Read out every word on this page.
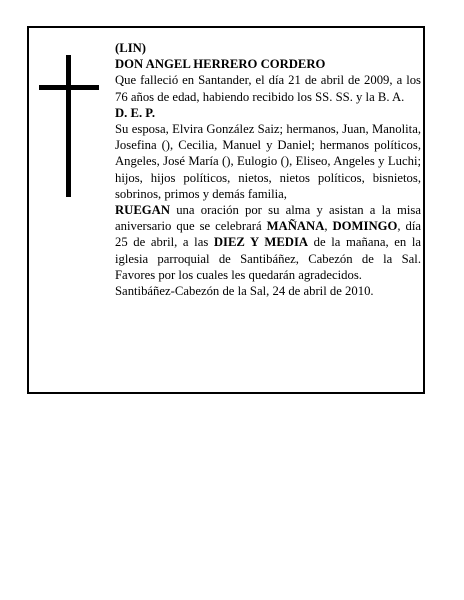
(LIN)

DON ANGEL HERRERO CORDERO

Que falleció en Santander, el día 21 de abril de 2009, a los 76 años de edad, habiendo recibido los SS. SS. y la B. A.

D. E. P.

Su esposa, Elvira González Saiz; hermanos, Juan, Manolita, Josefina (), Cecilia, Manuel y Daniel; hermanos políticos, Angeles, José María (), Eulogio (), Eliseo, Angeles y Luchi; hijos, hijos políticos, nietos, nietos políticos, bisnietos, sobrinos, primos y demás familia,

RUEGAN una oración por su alma y asistan a la misa aniversario que se celebrará MAÑANA, DOMINGO, día 25 de abril, a las DIEZ Y MEDIA de la mañana, en la iglesia parroquial de Santibáñez, Cabezón de la Sal. Favores por los cuales les quedarán agradecidos.

Santibáñez-Cabezón de la Sal, 24 de abril de 2010.
